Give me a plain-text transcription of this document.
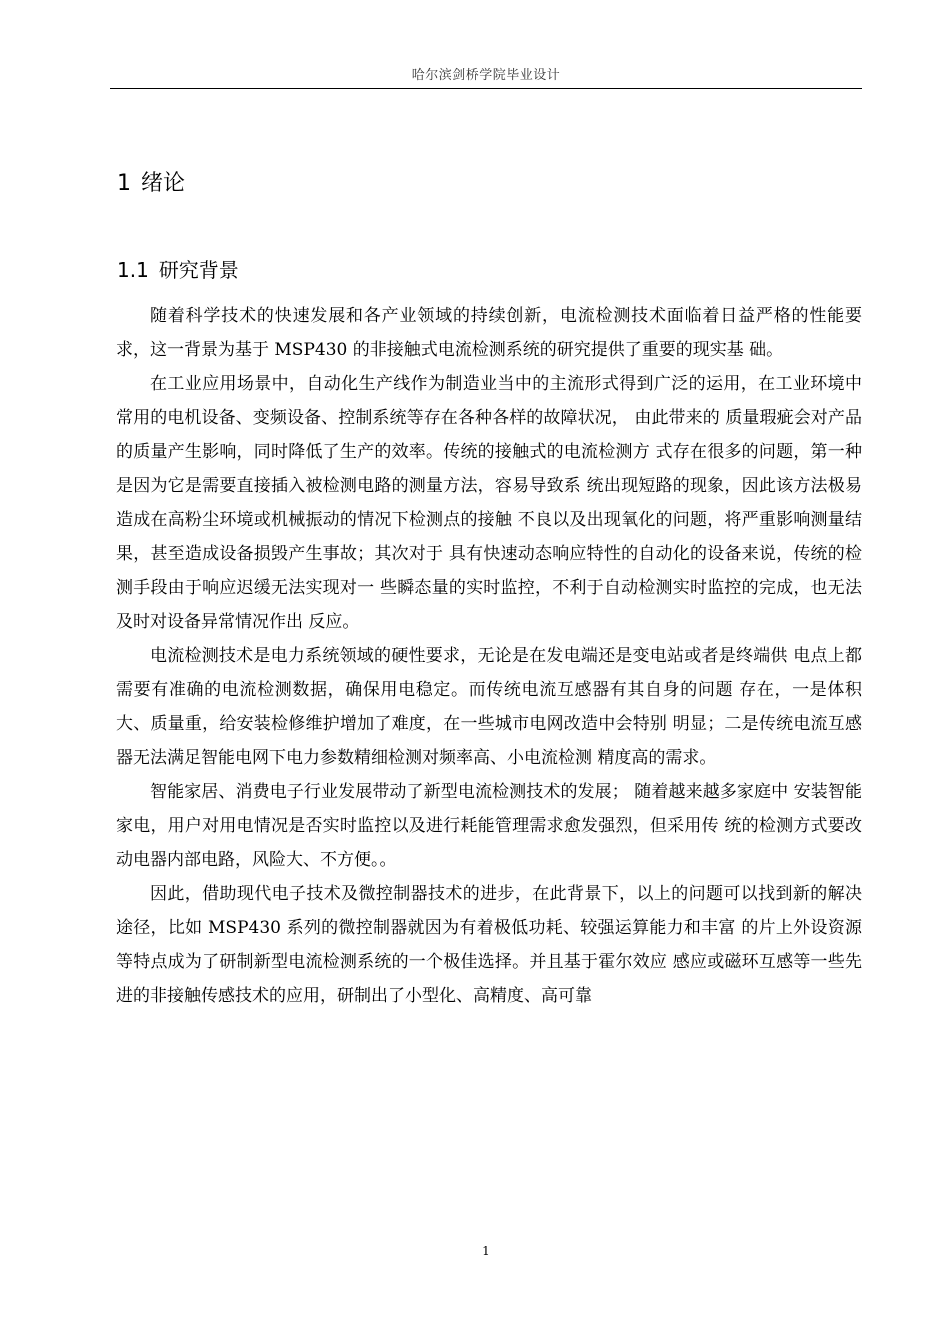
哈尔滨剑桥学院毕业设计
1 绪论
1.1 研究背景

随着科学技术的快速发展和各产业领域的持续创新，电流检测技术面临着日益严格的性能要求，这一背景为基于 MSP430 的非接触式电流检测系统的研究提供了重要的现实基 础。

在工业应用场景中，自动化生产线作为制造业当中的主流形式得到广泛的运用，在工业环境中常用的电机设备、变频设备、控制系统等存在各种各样的故障状况， 由此带来的 质量瑕疵会对产品的质量产生影响，同时降低了生产的效率。传统的接触式的电流检测方 式存在很多的问题，第一种是因为它是需要直接插入被检测电路的测量方法，容易导致系 统出现短路的现象，因此该方法极易造成在高粉尘环境或机械振动的情况下检测点的接触 不良以及出现氧化的问题，将严重影响测量结果，甚至造成设备损毁产生事故；其次对于 具有快速动态响应特性的自动化的设备来说，传统的检测手段由于响应迟缓无法实现对一 些瞬态量的实时监控，不利于自动检测实时监控的完成，也无法及时对设备异常情况作出 反应。

电流检测技术是电力系统领域的硬性要求，无论是在发电端还是变电站或者是终端供 电点上都需要有准确的电流检测数据，确保用电稳定。而传统电流互感器有其自身的问题 存在，一是体积大、质量重，给安装检修维护增加了难度，在一些城市电网改造中会特别 明显；二是传统电流互感器无法满足智能电网下电力参数精细检测对频率高、小电流检测 精度高的需求。

智能家居、消费电子行业发展带动了新型电流检测技术的发展； 随着越来越多家庭中 安装智能家电，用户对用电情况是否实时监控以及进行耗能管理需求愈发强烈，但采用传 统的检测方式要改动电器内部电路，风险大、不方便。。

因此，借助现代电子技术及微控制器技术的进步，在此背景下，以上的问题可以找到新的解决途径，比如 MSP430 系列的微控制器就因为有着极低功耗、较强运算能力和丰富 的片上外设资源等特点成为了研制新型电流检测系统的一个极佳选择。并且基于霍尔效应 感应或磁环互感等一些先进的非接触传感技术的应用，研制出了小型化、高精度、高可靠

1
